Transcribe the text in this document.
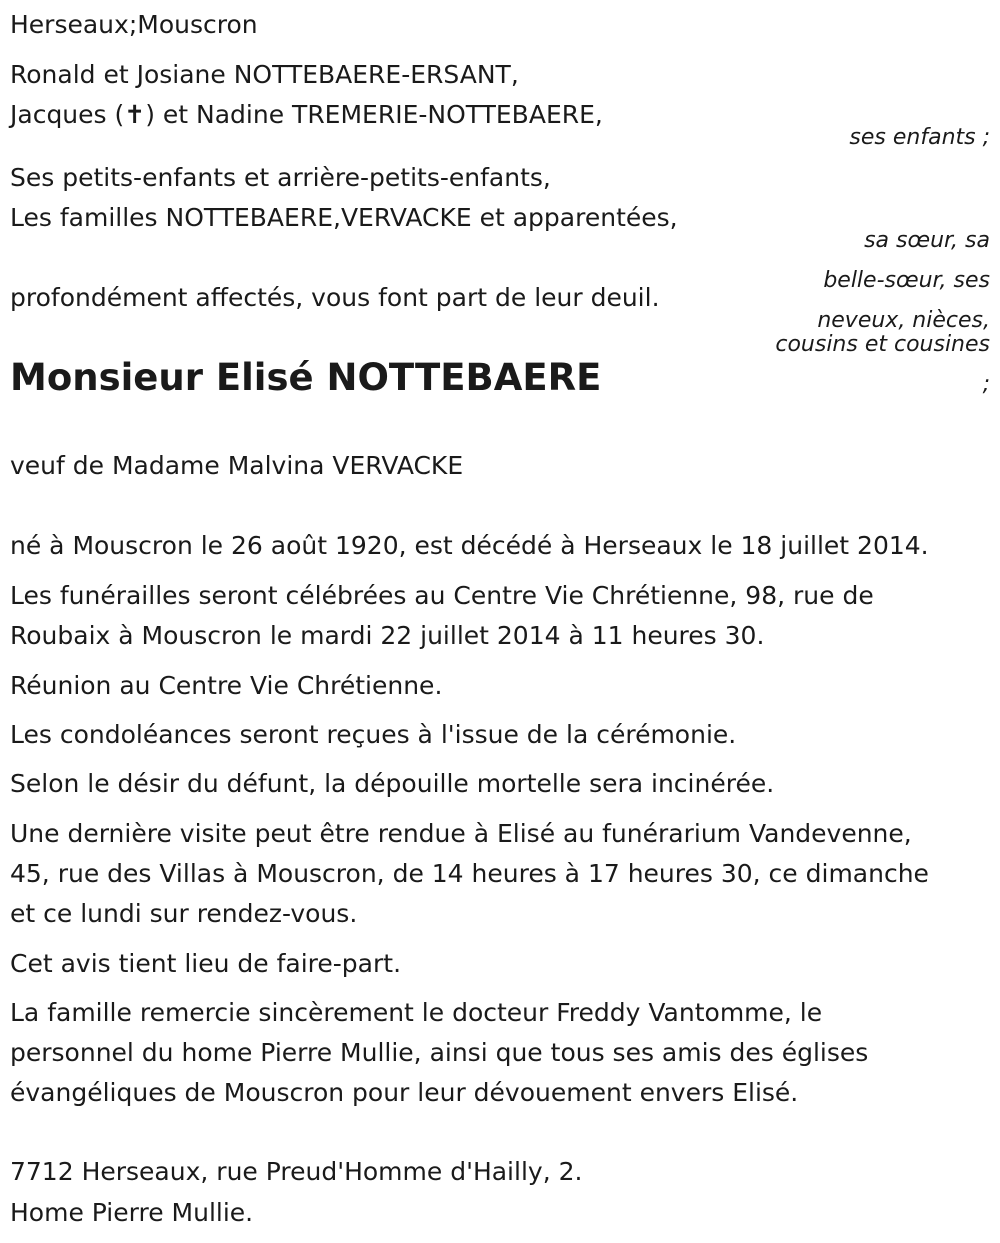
Herseaux;Mouscron
Ronald et Josiane NOTTEBAERE-ERSANT,
Jacques (✝) et Nadine TREMERIE-NOTTEBAERE,
ses enfants ;
Ses petits-enfants et arrière-petits-enfants,
Les familles NOTTEBAERE,VERVACKE et apparentées,
sa sœur, sa
belle-sœur, ses
neveux, nièces,
cousins et cousines
;
profondément affectés, vous font part de leur deuil.
Monsieur Elisé NOTTEBAERE
veuf de Madame Malvina VERVACKE
né à Mouscron le 26 août 1920, est décédé à Herseaux le 18 juillet 2014.
Les funérailles seront célébrées au Centre Vie Chrétienne, 98, rue de
Roubaix à Mouscron le mardi 22 juillet 2014 à 11 heures 30.
Réunion au Centre Vie Chrétienne.
Les condoléances seront reçues à l'issue de la cérémonie.
Selon le désir du défunt, la dépouille mortelle sera incinérée.
Une dernière visite peut être rendue à Elisé au funérarium Vandevenne,
45, rue des Villas à Mouscron, de 14 heures à 17 heures 30, ce dimanche
et ce lundi sur rendez-vous.
Cet avis tient lieu de faire-part.
La famille remercie sincèrement le docteur Freddy Vantomme, le
personnel du home Pierre Mullie, ainsi que tous ses amis des églises
évangéliques de Mouscron pour leur dévouement envers Elisé.
7712 Herseaux, rue Preud'Homme d'Hailly, 2.
Home Pierre Mullie.
